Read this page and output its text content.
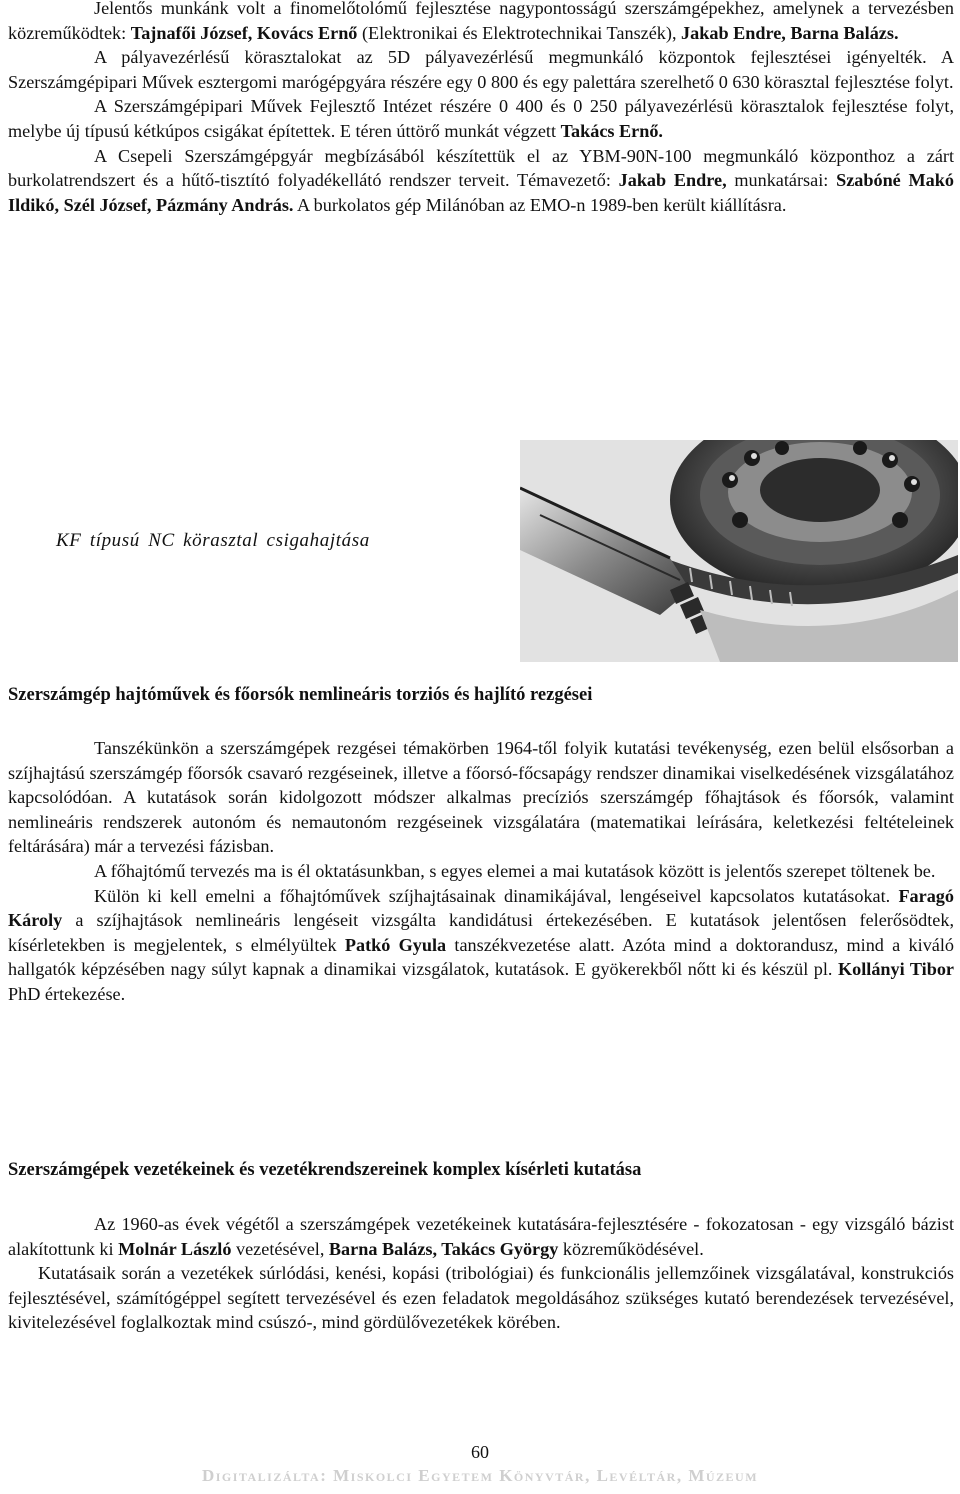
Jelentős munkánk volt a finomelőtolómű fejlesztése nagypontosságú szerszámgépekhez, amelynek a tervezésben közreműködtek: Tajnafői József, Kovács Ernő (Elektronikai és Elektrotechnikai Tanszék), Jakab Endre, Barna Balázs.

A pályavezérlésű körasztalokat az 5D pályavezérlésű megmunkáló központok fejlesztései igényelték. A Szerszámgépipari Művek esztergomi marógépgyára részére egy 0 800 és egy palettára szerelhető 0 630 körasztal fejlesztése folyt.

A Szerszámgépipari Művek Fejlesztő Intézet részére 0 400 és 0 250 pályavezérlésü körasztalok fejlesztése folyt, melybe új típusú kétkúpos csigákat építettek. E téren úttörő munkát végzett Takács Ernő.

A Csepeli Szerszámgépgyár megbízásából készítettük el az YBM-90N-100 megmunkáló központhoz a zárt burkolatrendszert és a hűtő-tisztító folyadékellátó rendszer terveit. Témavezető: Jakab Endre, munkatársai: Szabóné Makó Ildikó, Szél József, Pázmány András. A burkolatos gép Milánóban az EMO-n 1989-ben került kiállításra.

KF típusú NC körasztal csigahajtása
Szerszámgép hajtóművek és főorsók nemlineáris torziós és hajlító rezgései

Tanszékünkön a szerszámgépek rezgései témakörben 1964-től folyik kutatási tevékenység, ezen belül elsősorban a szíjhajtású szerszámgép főorsók csavaró rezgéseinek, illetve a főorsó-főcsapágy rendszer dinamikai viselkedésének vizsgálatához kapcsolódóan. A kutatások során kidolgozott módszer alkalmas precíziós szerszámgép főhajtások és főorsók, valamint nemlineáris rendszerek autonóm és nemautonóm rezgéseinek vizsgálatára (matematikai leírására, keletkezési feltételeinek feltárására) már a tervezési fázisban.

A főhajtómű tervezés ma is él oktatásunkban, s egyes elemei a mai kutatások között is jelentős szerepet töltenek be.

Külön ki kell emelni a főhajtóművek szíjhajtásainak dinamikájával, lengéseivel kapcsolatos kutatásokat. Faragó Károly a szíjhajtások nemlineáris lengéseit vizsgálta kandidátusi értekezésében. E kutatások jelentősen felerősödtek, kísérletekben is megjelentek, s elmélyültek Patkó Gyula tanszékvezetése alatt. Azóta mind a doktorandusz, mind a kiváló hallgatók képzésében nagy súlyt kapnak a dinamikai vizsgálatok, kutatások. E gyökerekből nőtt ki és készül pl. Kollányi Tibor PhD értekezése.

Szerszámgépek vezetékeinek és vezetékrendszereinek komplex kísérleti kutatása

Az 1960-as évek végétől a szerszámgépek vezetékeinek kutatására-fejlesztésére - fokozatosan - egy vizsgáló bázist alakítottunk ki Molnár László vezetésével, Barna Balázs, Takács György közreműködésével.

Kutatásaik során a vezetékek súrlódási, kenési, kopási (tribológiai) és funkcionális jellemzőinek vizsgálatával, konstrukciós fejlesztésével, számítógéppel segített tervezésével és ezen feladatok megoldásához szükséges kutató berendezések tervezésével, kivitelezésével foglalkoztak mind csúszó-, mind gördülővezetékek körében.

60
Digitalizálta: Miskolci Egyetem Könyvtár, Levéltár, Múzeum
